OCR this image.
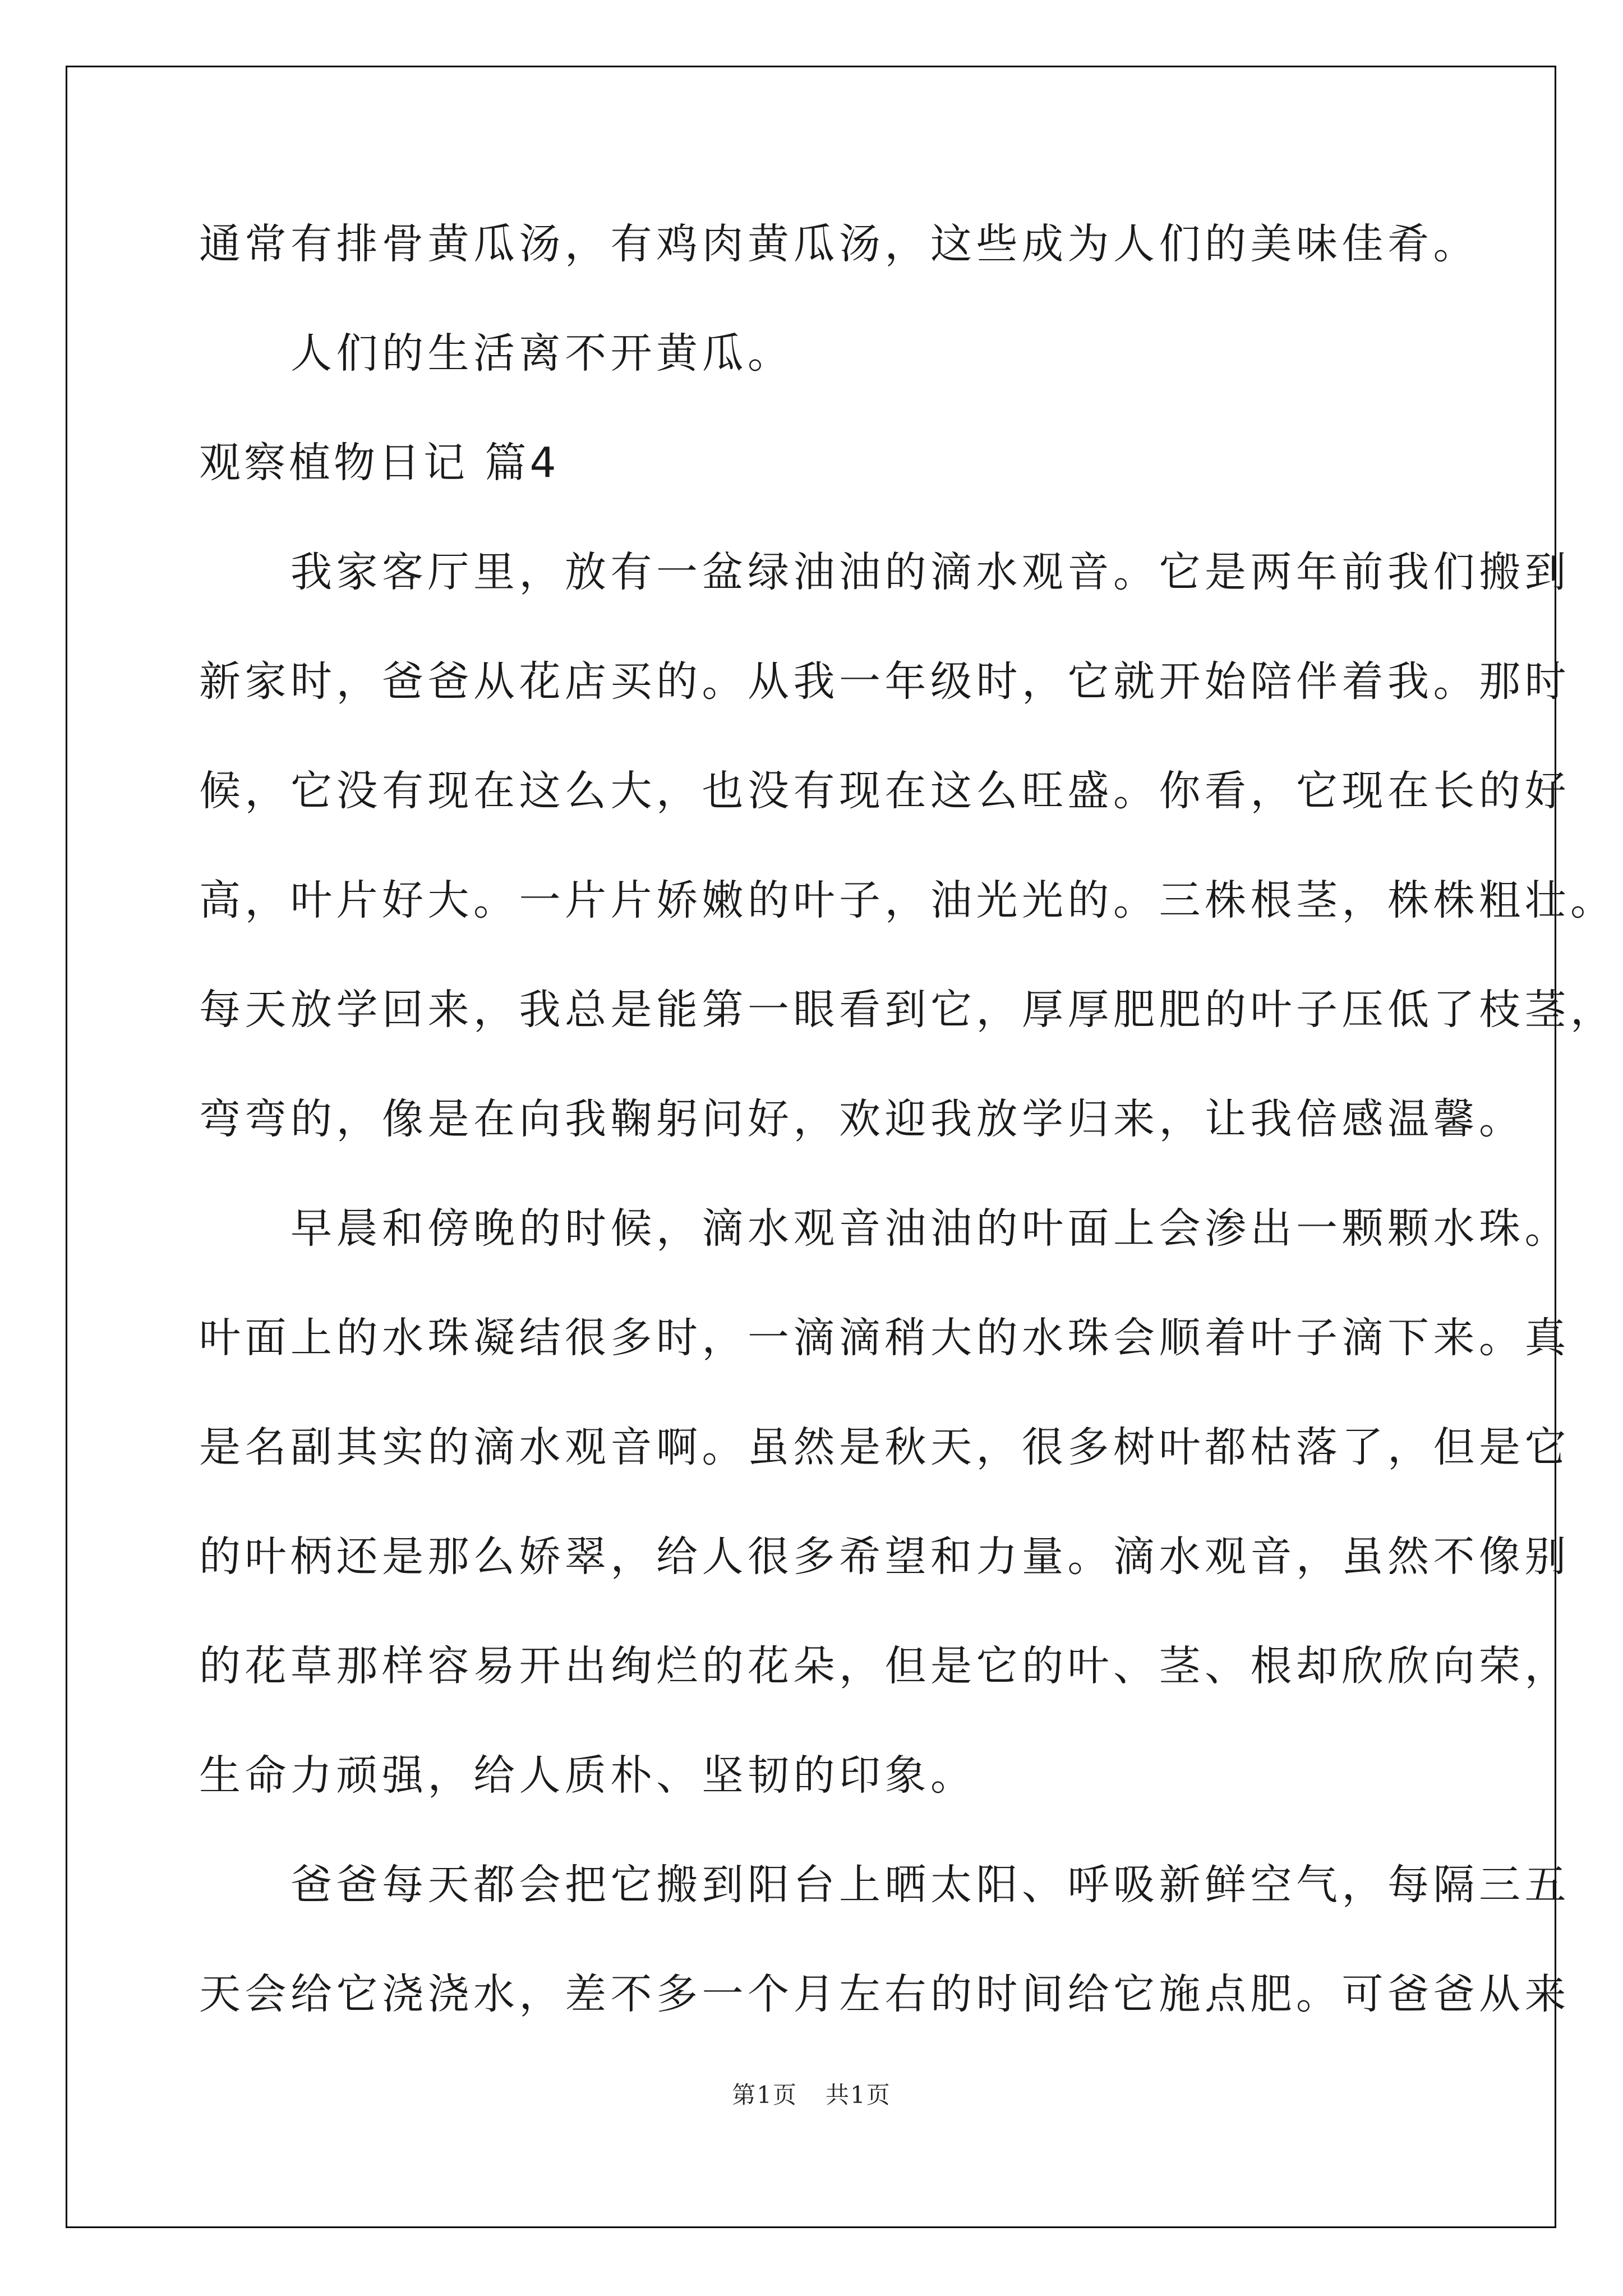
通常有排骨黄瓜汤，有鸡肉黄瓜汤，这些成为人们的美味佳肴。
　　人们的生活离不开黄瓜。
观察植物日记 篇4
　　我家客厅里，放有一盆绿油油的滴水观音。它是两年前我们搬到
新家时，爸爸从花店买的。从我一年级时，它就开始陪伴着我。那时
候，它没有现在这么大，也没有现在这么旺盛。你看，它现在长的好
高，叶片好大。一片片娇嫩的叶子，油光光的。三株根茎，株株粗壮。
每天放学回来，我总是能第一眼看到它，厚厚肥肥的叶子压低了枝茎，
弯弯的，像是在向我鞠躬问好，欢迎我放学归来，让我倍感温馨。
　　早晨和傍晚的时候，滴水观音油油的叶面上会渗出一颗颗水珠。
叶面上的水珠凝结很多时，一滴滴稍大的水珠会顺着叶子滴下来。真
是名副其实的滴水观音啊。虽然是秋天，很多树叶都枯落了，但是它
的叶柄还是那么娇翠，给人很多希望和力量。滴水观音，虽然不像别
的花草那样容易开出绚烂的花朵，但是它的叶、茎、根却欣欣向荣，
生命力顽强，给人质朴、坚韧的印象。
　　爸爸每天都会把它搬到阳台上晒太阳、呼吸新鲜空气，每隔三五
天会给它浇浇水，差不多一个月左右的时间给它施点肥。可爸爸从来
第1页 共1页
